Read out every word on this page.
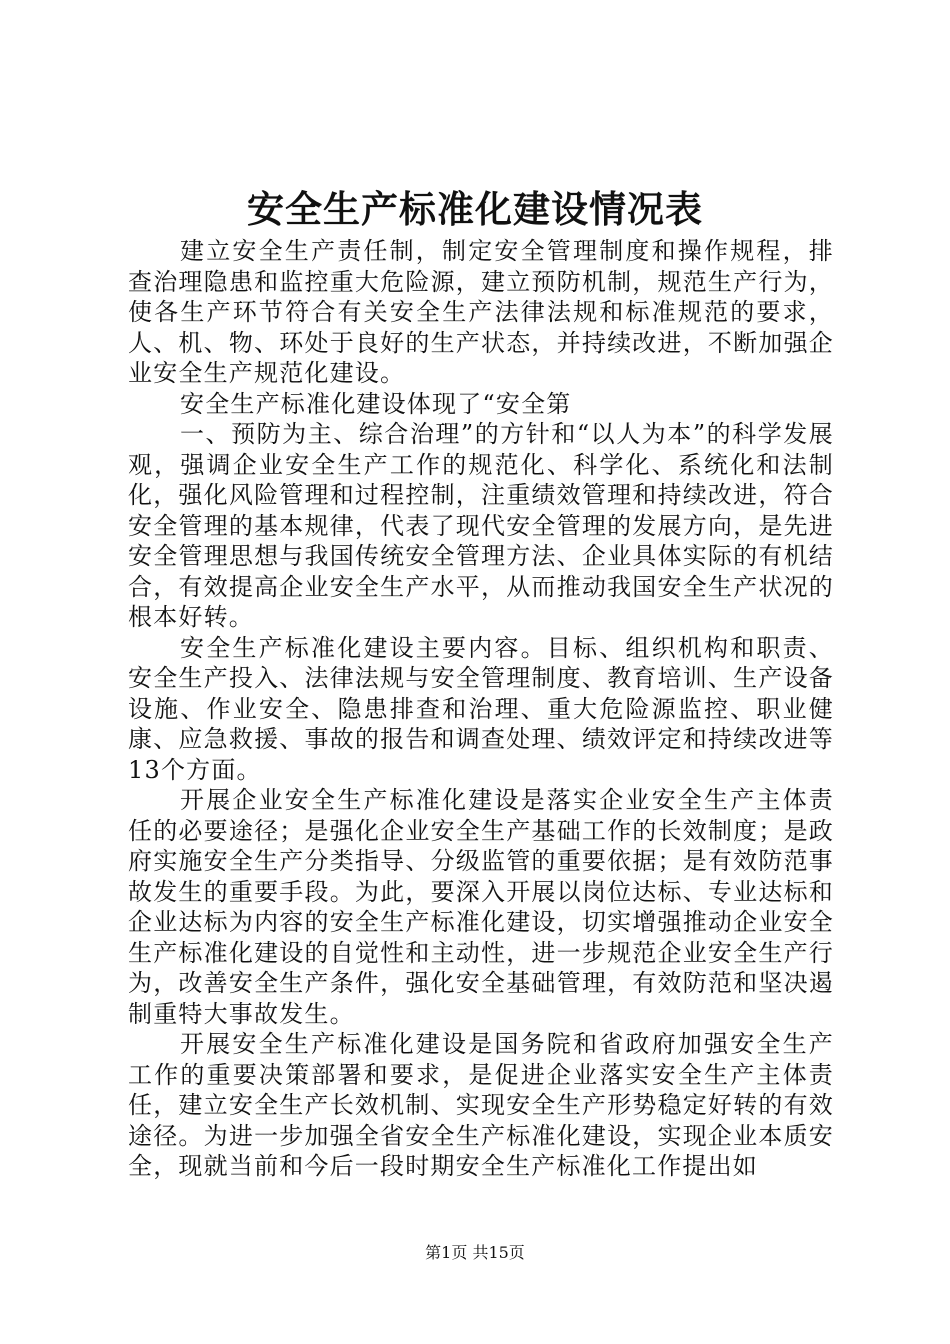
安全生产标准化建设情况表

建立安全生产责任制，制定安全管理制度和操作规程，排查治理隐患和监控重大危险源，建立预防机制，规范生产行为，使各生产环节符合有关安全生产法律法规和标准规范的要求，人、机、物、环处于良好的生产状态，并持续改进，不断加强企业安全生产规范化建设。

安全生产标准化建设体现了“安全第

一、预防为主、综合治理”的方针和“以人为本”的科学发展观，强调企业安全生产工作的规范化、科学化、系统化和法制化，强化风险管理和过程控制，注重绩效管理和持续改进，符合安全管理的基本规律，代表了现代安全管理的发展方向，是先进安全管理思想与我国传统安全管理方法、企业具体实际的有机结合，有效提高企业安全生产水平，从而推动我国安全生产状况的根本好转。

安全生产标准化建设主要内容。目标、组织机构和职责、安全生产投入、法律法规与安全管理制度、教育培训、生产设备设施、作业安全、隐患排查和治理、重大危险源监控、职业健康、应急救援、事故的报告和调查处理、绩效评定和持续改进等13个方面。

开展企业安全生产标准化建设是落实企业安全生产主体责任的必要途径；是强化企业安全生产基础工作的长效制度；是政府实施安全生产分类指导、分级监管的重要依据；是有效防范事故发生的重要手段。为此，要深入开展以岗位达标、专业达标和企业达标为内容的安全生产标准化建设，切实增强推动企业安全生产标准化建设的自觉性和主动性，进一步规范企业安全生产行为，改善安全生产条件，强化安全基础管理，有效防范和坚决遏制重特大事故发生。

开展安全生产标准化建设是国务院和省政府加强安全生产工作的重要决策部署和要求，是促进企业落实安全生产主体责任，建立安全生产长效机制、实现安全生产形势稳定好转的有效途径。为进一步加强全省安全生产标准化建设，实现企业本质安全，现就当前和今后一段时期安全生产标准化工作提出如

第1页 共15页
